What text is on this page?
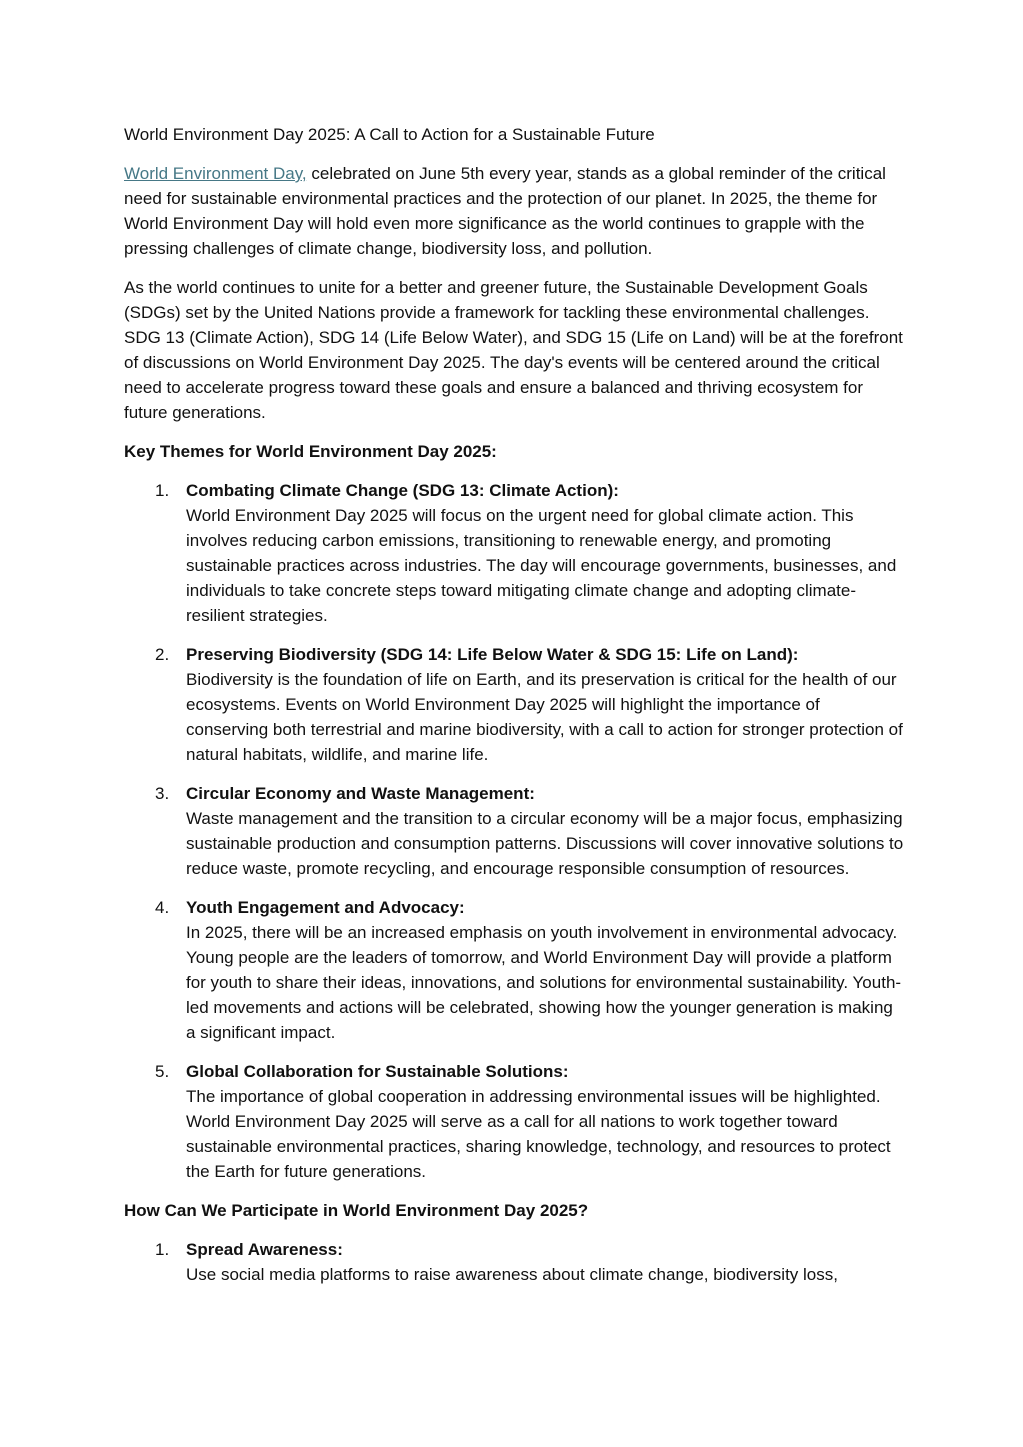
World Environment Day 2025: A Call to Action for a Sustainable Future

World Environment Day, celebrated on June 5th every year, stands as a global reminder of the critical need for sustainable environmental practices and the protection of our planet. In 2025, the theme for World Environment Day will hold even more significance as the world continues to grapple with the pressing challenges of climate change, biodiversity loss, and pollution.

As the world continues to unite for a better and greener future, the Sustainable Development Goals (SDGs) set by the United Nations provide a framework for tackling these environmental challenges. SDG 13 (Climate Action), SDG 14 (Life Below Water), and SDG 15 (Life on Land) will be at the forefront of discussions on World Environment Day 2025. The day's events will be centered around the critical need to accelerate progress toward these goals and ensure a balanced and thriving ecosystem for future generations.

Key Themes for World Environment Day 2025:

1. Combating Climate Change (SDG 13: Climate Action):
World Environment Day 2025 will focus on the urgent need for global climate action. This involves reducing carbon emissions, transitioning to renewable energy, and promoting sustainable practices across industries. The day will encourage governments, businesses, and individuals to take concrete steps toward mitigating climate change and adopting climate-resilient strategies.
2. Preserving Biodiversity (SDG 14: Life Below Water & SDG 15: Life on Land):
Biodiversity is the foundation of life on Earth, and its preservation is critical for the health of our ecosystems. Events on World Environment Day 2025 will highlight the importance of conserving both terrestrial and marine biodiversity, with a call to action for stronger protection of natural habitats, wildlife, and marine life.
3. Circular Economy and Waste Management:
Waste management and the transition to a circular economy will be a major focus, emphasizing sustainable production and consumption patterns. Discussions will cover innovative solutions to reduce waste, promote recycling, and encourage responsible consumption of resources.
4. Youth Engagement and Advocacy:
In 2025, there will be an increased emphasis on youth involvement in environmental advocacy. Young people are the leaders of tomorrow, and World Environment Day will provide a platform for youth to share their ideas, innovations, and solutions for environmental sustainability. Youth-led movements and actions will be celebrated, showing how the younger generation is making a significant impact.
5. Global Collaboration for Sustainable Solutions:
The importance of global cooperation in addressing environmental issues will be highlighted. World Environment Day 2025 will serve as a call for all nations to work together toward sustainable environmental practices, sharing knowledge, technology, and resources to protect the Earth for future generations.

How Can We Participate in World Environment Day 2025?

1. Spread Awareness:
Use social media platforms to raise awareness about climate change, biodiversity loss,
